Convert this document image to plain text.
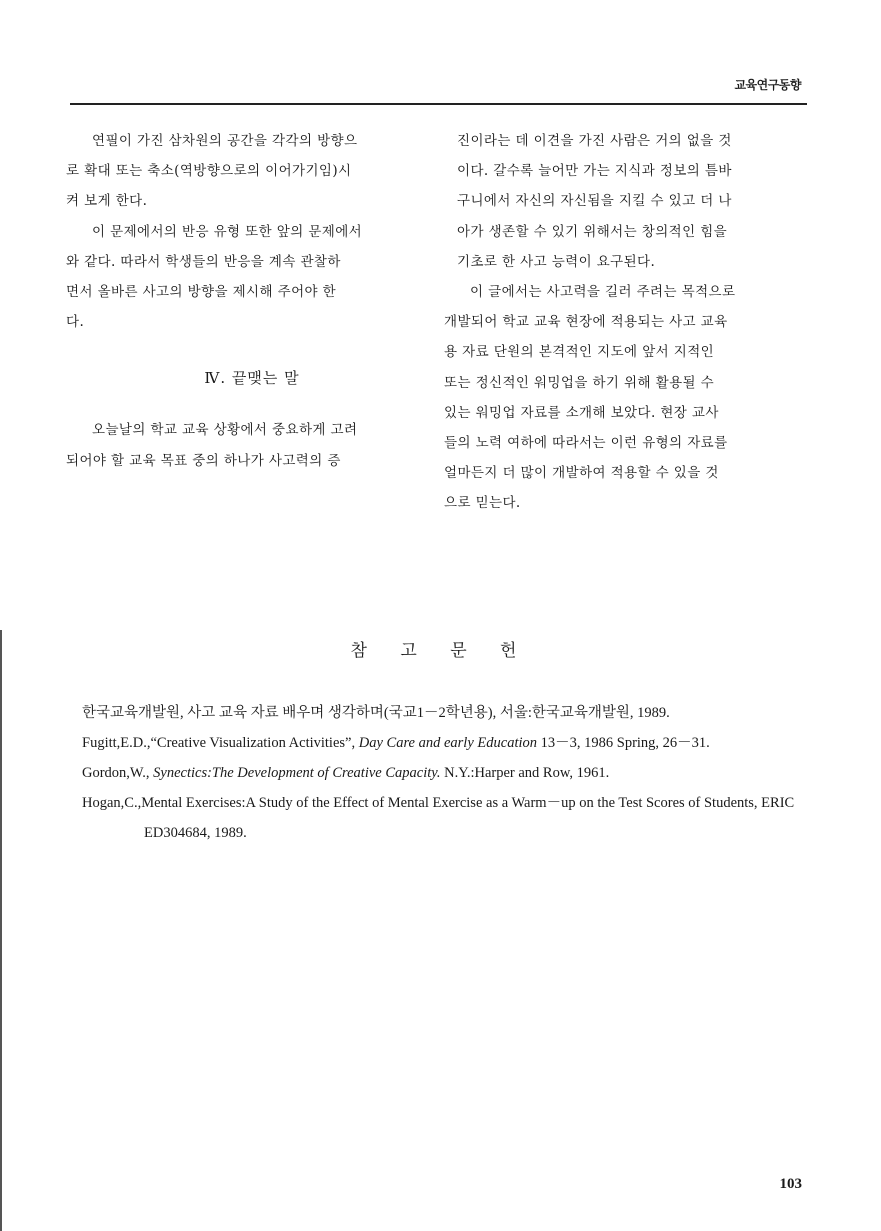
교육연구동향

연필이 가진 삼차원의 공간을 각각의 방향으
로 확대 또는 축소(역방향으로의 이어가기임)시
켜 보게 한다.

이 문제에서의 반응 유형 또한 앞의 문제에서
와 같다. 따라서 학생들의 반응을 계속 관찰하
면서 올바른 사고의 방향을 제시해 주어야 한
다.

Ⅳ. 끝맺는 말

오늘날의 학교 교육 상황에서 중요하게 고려
되어야 할 교육 목표 중의 하나가 사고력의 증

진이라는 데 이견을 가진 사람은 거의 없을 것
이다. 갈수록 늘어만 가는 지식과 정보의 틈바
구니에서 자신의 자신됨을 지킬 수 있고 더 나
아가 생존할 수 있기 위해서는 창의적인 힘을
기초로 한 사고 능력이 요구된다.

이 글에서는 사고력을 길러 주려는 목적으로
개발되어 학교 교육 현장에 적용되는 사고 교육
용 자료 단원의 본격적인 지도에 앞서 지적인
또는 정신적인 워밍업을 하기 위해 활용될 수
있는 워밍업 자료를 소개해 보았다. 현장 교사
들의 노력 여하에 따라서는 이런 유형의 자료를
얼마든지 더 많이 개발하여 적용할 수 있을 것
으로 믿는다.

참 고 문 헌

한국교육개발원, 사고 교육 자료 배우며 생각하며(국교1－2학년용), 서울:한국교육개발원, 1989.

Fugitt,E.D.,“Creative Visualization Activities”, Day Care and early Education 13－3, 1986 Spring, 26－31.

Gordon,W., Synectics:The Development of Creative Capacity. N.Y.:Harper and Row, 1961.

Hogan,C.,Mental Exercises:A Study of the Effect of Mental Exercise as a Warm－up on the Test Scores of Students, ERIC ED304684, 1989.

103
